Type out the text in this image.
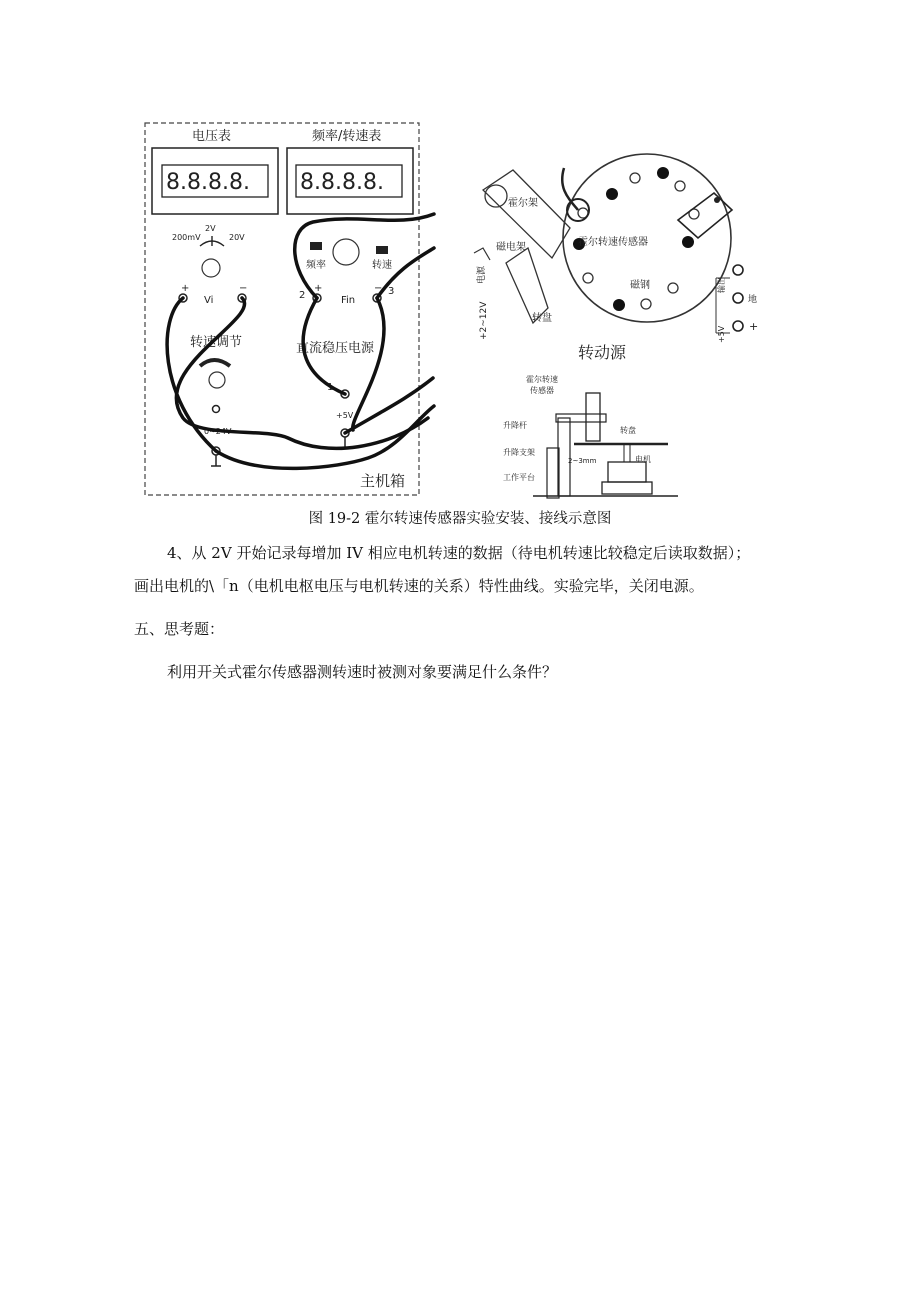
电压表
8.8.8.8.
频率/转速表
8.8.8.8.
200mV
2V
20V
频率	转速
+
Vi
−
2
+
Fin
− 3
转速调节	直流稳压电源
1
+5V
0~24V
主机箱
霍尔架
磁电架	霍尔转速传感器
磁钢
转盘
转动源
+2~12V
电源
+5V
输出
地
+
霍尔转速
传感器
升降杆
转盘
升降支架
2~3mm	电机
工作平台
图 19-2 霍尔转速传感器实验安装、接线示意图
4、从 2V 开始记录每增加 IV 相应电机转速的数据（待电机转速比较稳定后读取数据）；
画出电机的\「n（电机电枢电压与电机转速的关系）特性曲线。实验完毕，关闭电源。
五、思考题：
利用开关式霍尔传感器测转速时被测对象要满足什么条件？
